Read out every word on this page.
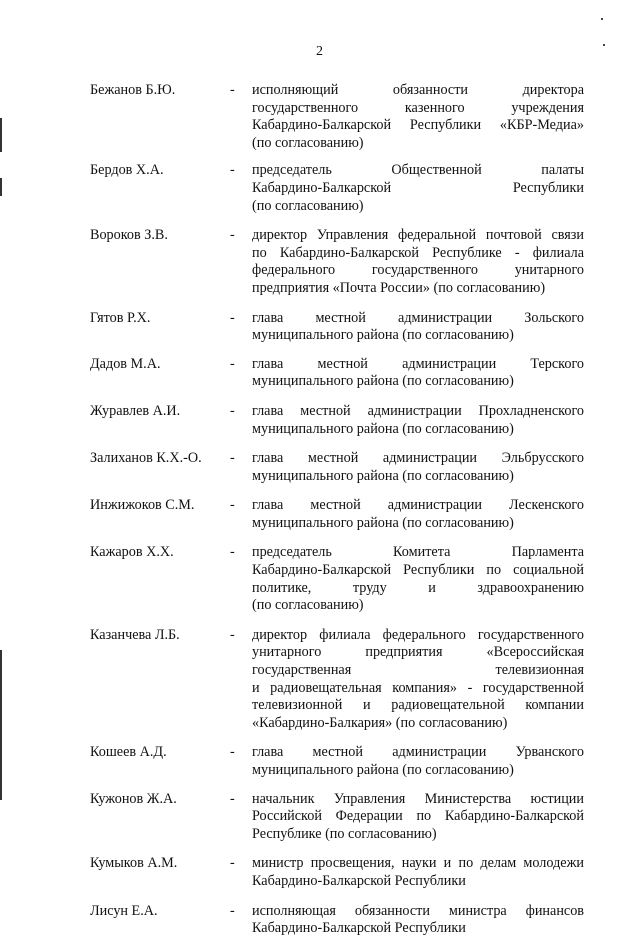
2
Бежанов Б.Ю.	-	исполняющий обязанности директора
государственного казенного учреждения
Кабардино-Балкарской Республики «КБР-Медиа»
(по согласованию)
Бердов Х.А.	-	председатель Общественной палаты
Кабардино-Балкарской Республики
(по согласованию)
Вороков З.В.	-	директор Управления федеральной почтовой связи
по Кабардино-Балкарской Республике - филиала
федерального государственного унитарного
предприятия «Почта России» (по согласованию)
Гятов Р.Х.	-	глава местной администрации Зольского
муниципального района (по согласованию)
Дадов М.А.	-	глава местной администрации Терского
муниципального района (по согласованию)
Журавлев А.И.	-	глава местной администрации Прохладненского
муниципального района (по согласованию)
Залиханов К.Х.-О.	-	глава местной администрации Эльбрусского
муниципального района (по согласованию)
Инжижоков С.М.	-	глава местной администрации Лескенского
муниципального района (по согласованию)
Кажаров Х.Х.	-	председатель Комитета Парламента
Кабардино-Балкарской Республики по социальной
политике, труду и здравоохранению
(по согласованию)
Казанчева Л.Б.	-	директор филиала федерального государственного
унитарного предприятия «Всероссийская
государственная телевизионная
и радиовещательная компания» - государственной
телевизионной и радиовещательной компании
«Кабардино-Балкария» (по согласованию)
Кошеев А.Д.	-	глава местной администрации Урванского
муниципального района (по согласованию)
Кужонов Ж.А.	-	начальник Управления Министерства юстиции
Российской Федерации по Кабардино-Балкарской
Республике (по согласованию)
Кумыков А.М.	-	министр просвещения, науки и по делам молодежи
Кабардино-Балкарской Республики
Лисун Е.А.	-	исполняющая обязанности министра финансов
Кабардино-Балкарской Республики
